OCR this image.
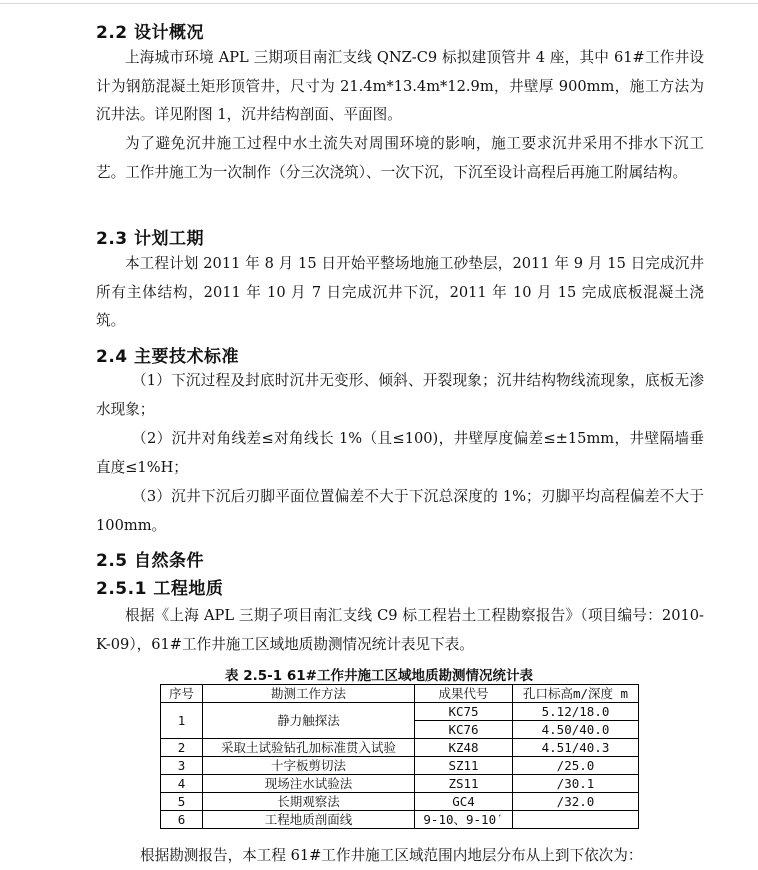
2.2 设计概况

上海城市环境 APL 三期项目南汇支线 QNZ-C9 标拟建顶管井 4 座，其中 61#工作井设计为钢筋混凝土矩形顶管井，尺寸为 21.4m*13.4m*12.9m，井壁厚 900mm，施工方法为沉井法。详见附图 1，沉井结构剖面、平面图。

为了避免沉井施工过程中水土流失对周围环境的影响，施工要求沉井采用不排水下沉工艺。工作井施工为一次制作（分三次浇筑）、一次下沉，下沉至设计高程后再施工附属结构。

2.3 计划工期

本工程计划 2011 年 8 月 15 日开始平整场地施工砂垫层，2011 年 9 月 15 日完成沉井所有主体结构，2011 年 10 月 7 日完成沉井下沉，2011 年 10 月 15 完成底板混凝土浇筑。

2.4 主要技术标准

（1）下沉过程及封底时沉井无变形、倾斜、开裂现象；沉井结构物线流现象，底板无渗水现象；

（2）沉井对角线差≤对角线长 1%（且≤100)，井壁厚度偏差≤±15mm，井壁隔墙垂直度≤1%H；

（3）沉井下沉后刃脚平面位置偏差不大于下沉总深度的 1%；刃脚平均高程偏差不大于 100mm。

2.5 自然条件
2.5.1 工程地质

根据《上海 APL 三期子项目南汇支线 C9 标工程岩土工程勘察报告》（项目编号：2010-K-09），61#工作井施工区域地质勘测情况统计表见下表。

表 2.5-1 61#工作井施工区域地质勘测情况统计表
序号	勘测工作方法	成果代号	孔口标高m/深度 m
1	静力触探法	KC75	5.12/18.0
		KC76	4.50/40.0
2	采取土试验钻孔加标准贯入试验	KZ48	4.51/40.3
3	十字板剪切法	SZ11	/25.0
4	现场注水试验法	ZS11	/30.1
5	长期观察法	GC4	/32.0
6	工程地质剖面线	9-10、9-10ˊ	
根据勘测报告，本工程 61#工作井施工区域范围内地层分布从上到下依次为：
